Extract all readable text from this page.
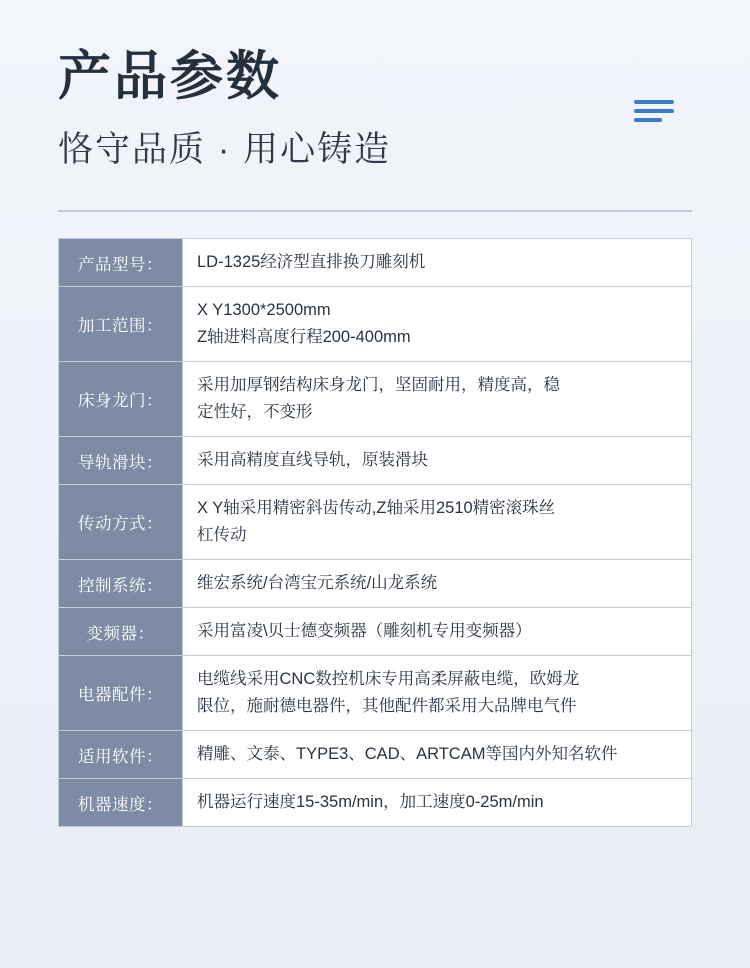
产品参数
恪守品质 · 用心铸造
产品型号：	LD-1325经济型直排换刀雕刻机
加工范围：
X Y1300*2500mm
Z轴进料高度行程200-400mm
床身龙门：
采用加厚钢结构床身龙门，坚固耐用，精度高，稳
定性好，不变形
导轨滑块：	采用高精度直线导轨，原装滑块
传动方式：
X Y轴采用精密斜齿传动,Z轴采用2510精密滚珠丝
杠传动
控制系统：	维宏系统/台湾宝元系统/山龙系统
变频器：	采用富凌\贝士德变频器（雕刻机专用变频器）
电器配件：
电缆线采用CNC数控机床专用高柔屏蔽电缆，欧姆龙
限位，施耐德电器件，其他配件都采用大品牌电气件
适用软件：	精雕、文泰、TYPE3、CAD、ARTCAM等国内外知名软件
机器速度：	机器运行速度15-35m/min，加工速度0-25m/min
